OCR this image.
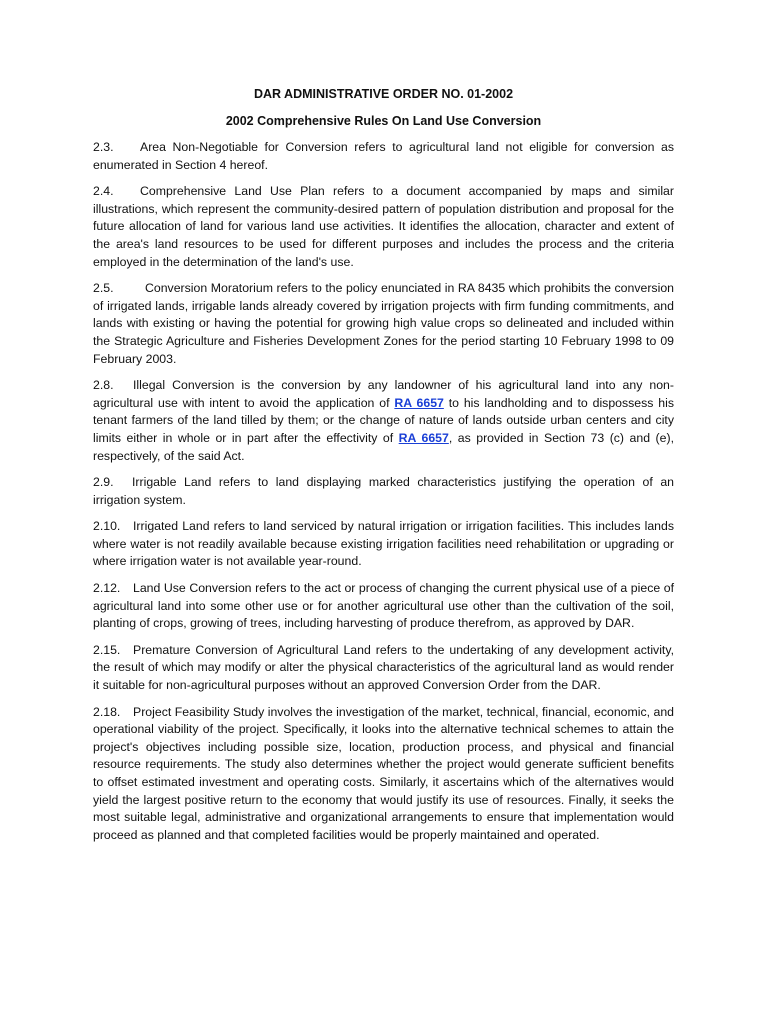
DAR ADMINISTRATIVE ORDER NO. 01-2002

2002 Comprehensive Rules On Land Use Conversion

2.3. Area Non-Negotiable for Conversion refers to agricultural land not eligible for conversion as enumerated in Section 4 hereof.

2.4. Comprehensive Land Use Plan refers to a document accompanied by maps and similar illustrations, which represent the community-desired pattern of population distribution and proposal for the future allocation of land for various land use activities. It identifies the allocation, character and extent of the area's land resources to be used for different purposes and includes the process and the criteria employed in the determination of the land's use.

2.5.	Conversion Moratorium refers to the policy enunciated in RA 8435 which prohibits the conversion of irrigated lands, irrigable lands already covered by irrigation projects with firm funding commitments, and lands with existing or having the potential for growing high value crops so delineated and included within the Strategic Agriculture and Fisheries Development Zones for the period starting 10 February 1998 to 09 February 2003.

2.8. Illegal Conversion is the conversion by any landowner of his agricultural land into any non-agricultural use with intent to avoid the application of RA 6657 to his landholding and to dispossess his tenant farmers of the land tilled by them; or the change of nature of lands outside urban centers and city limits either in whole or in part after the effectivity of RA 6657, as provided in Section 73 (c) and (e), respectively, of the said Act.

2.9. Irrigable Land refers to land displaying marked characteristics justifying the operation of an irrigation system.

2.10. Irrigated Land refers to land serviced by natural irrigation or irrigation facilities. This includes lands where water is not readily available because existing irrigation facilities need rehabilitation or upgrading or where irrigation water is not available year-round.

2.12. Land Use Conversion refers to the act or process of changing the current physical use of a piece of agricultural land into some other use or for another agricultural use other than the cultivation of the soil, planting of crops, growing of trees, including harvesting of produce therefrom, as approved by DAR.

2.15. Premature Conversion of Agricultural Land refers to the undertaking of any development activity, the result of which may modify or alter the physical characteristics of the agricultural land as would render it suitable for non-agricultural purposes without an approved Conversion Order from the DAR.

2.18. Project Feasibility Study involves the investigation of the market, technical, financial, economic, and operational viability of the project. Specifically, it looks into the alternative technical schemes to attain the project's objectives including possible size, location, production process, and physical and financial resource requirements. The study also determines whether the project would generate sufficient benefits to offset estimated investment and operating costs. Similarly, it ascertains which of the alternatives would yield the largest positive return to the economy that would justify its use of resources. Finally, it seeks the most suitable legal, administrative and organizational arrangements to ensure that implementation would proceed as planned and that completed facilities would be properly maintained and operated.
